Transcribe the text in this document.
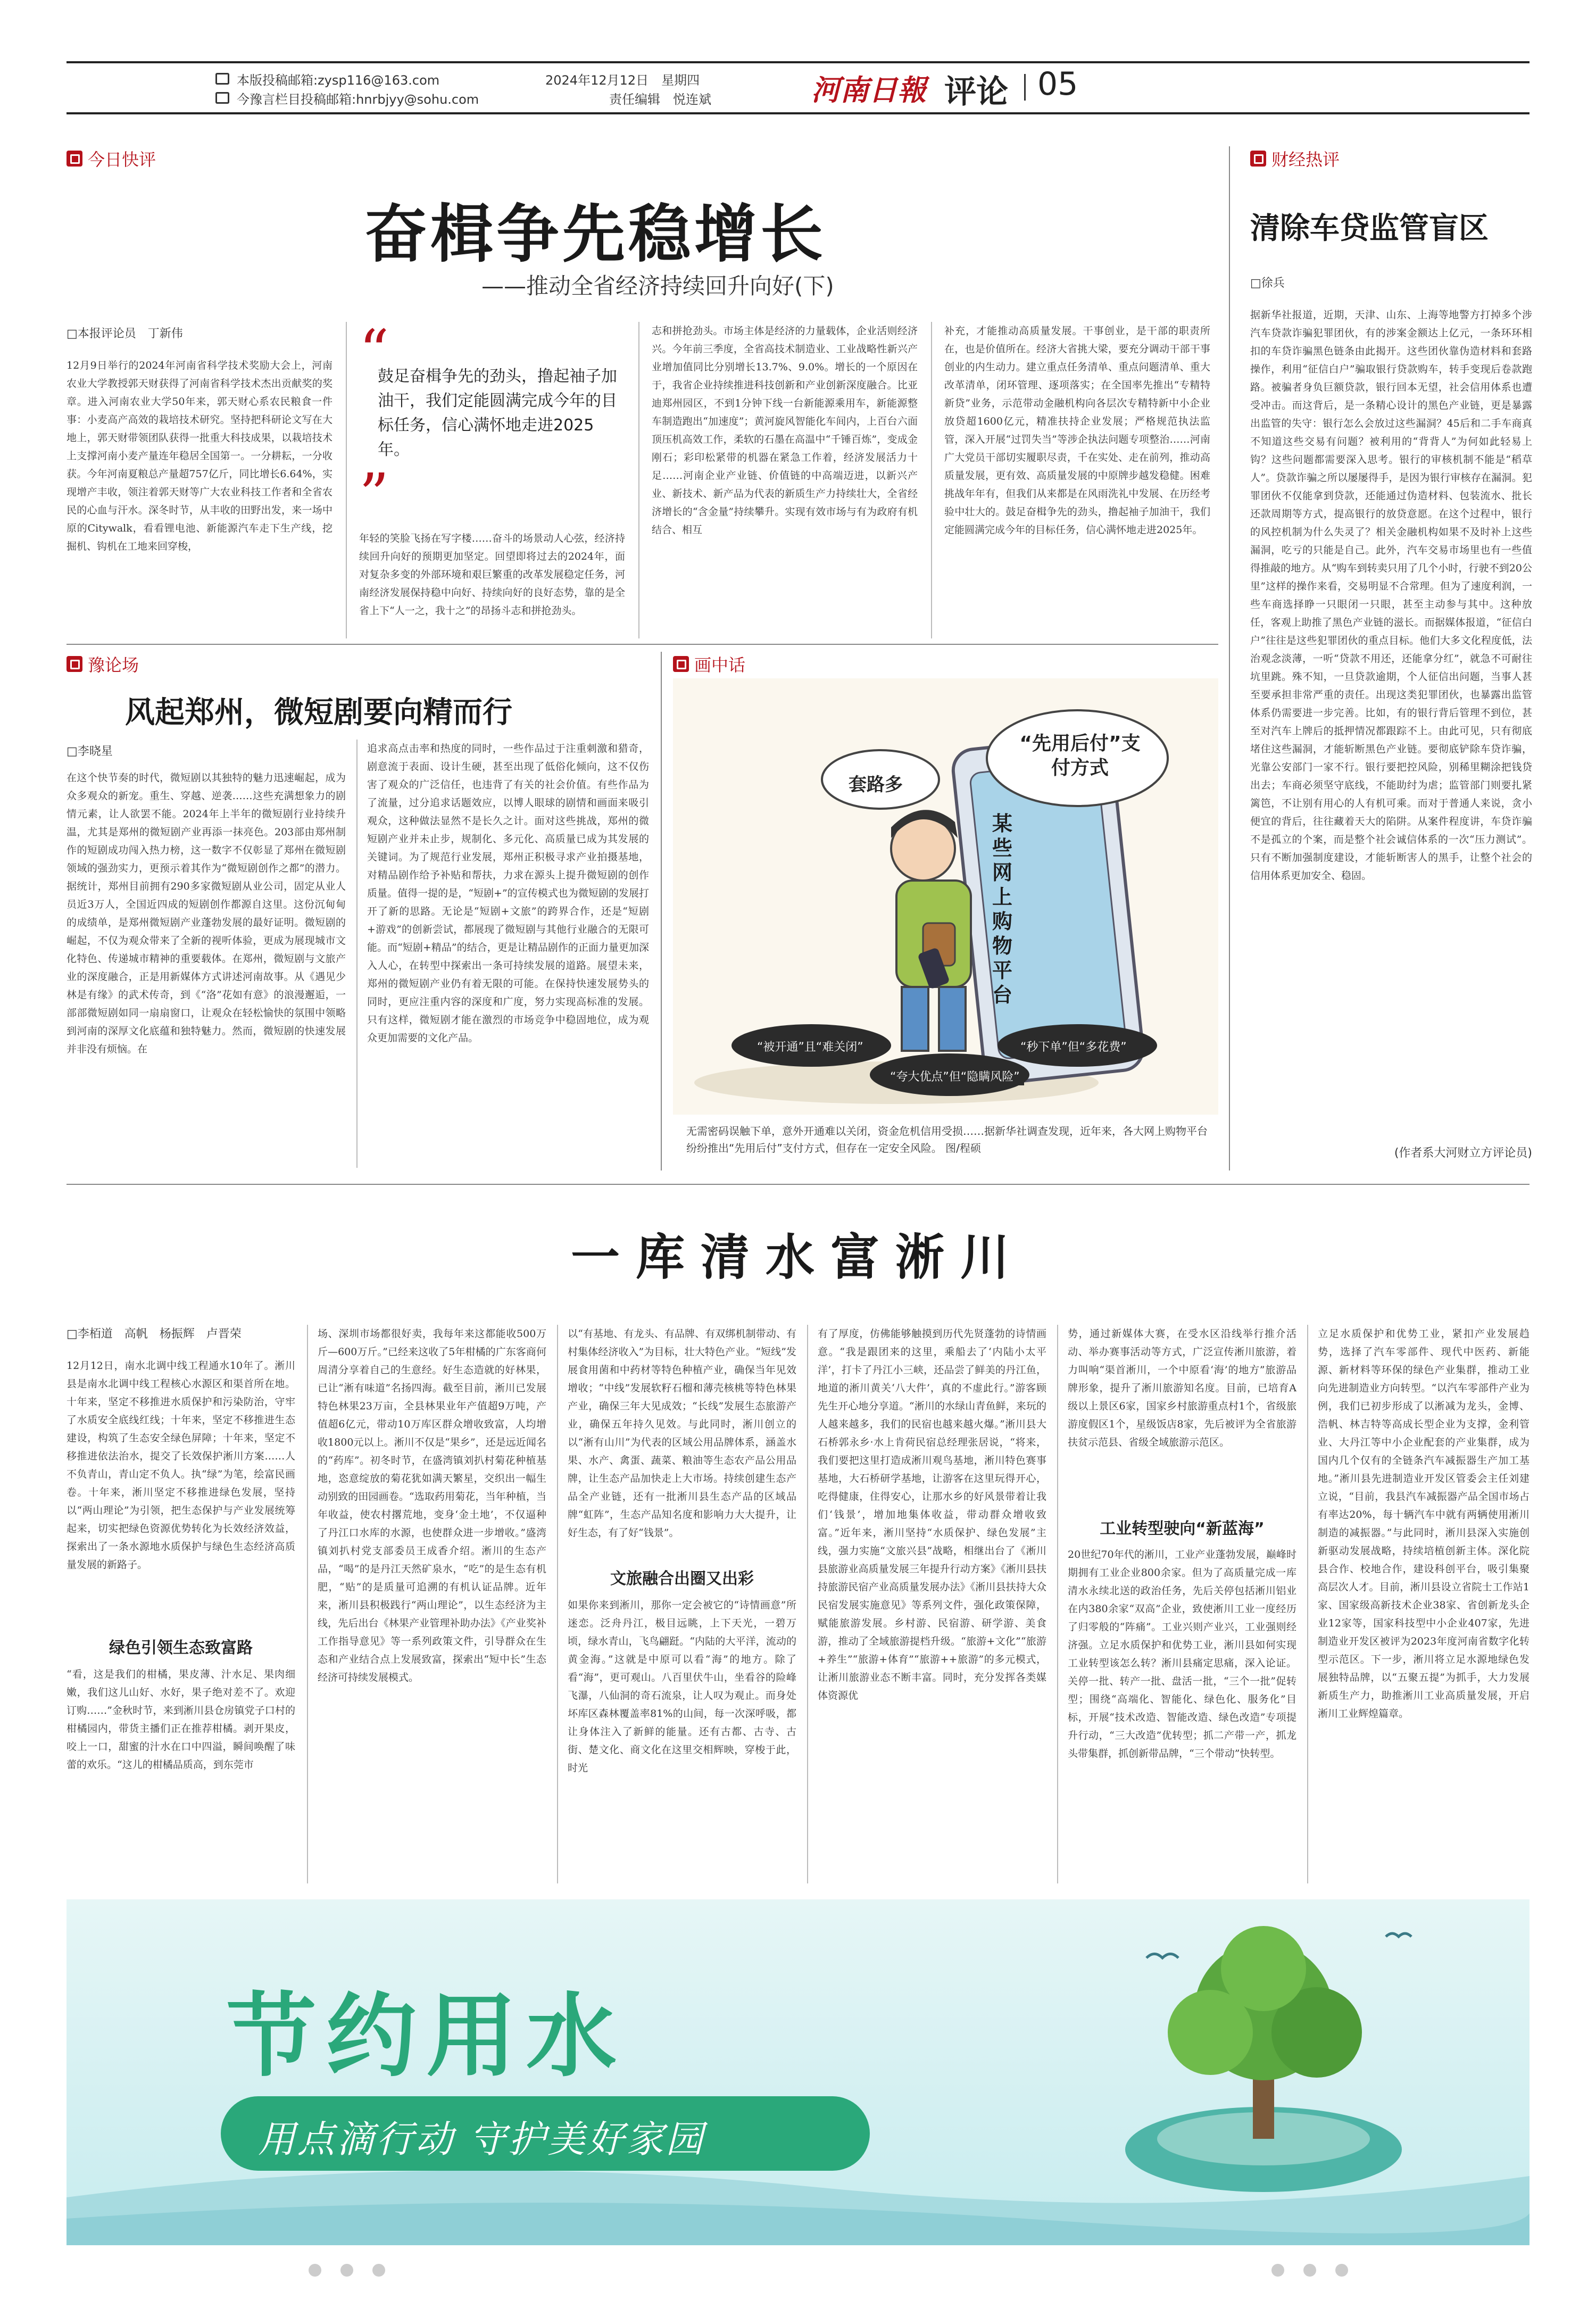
本版投稿邮箱:zysp116@163.com
今豫言栏目投稿邮箱:hnrbjyy@sohu.com
2024年12月12日　星期四
责任编辑　悦连斌	河南日報 评论 05
今日快评
奋楫争先稳增长
——推动全省经济持续回升向好(下)
□本报评论员　丁新伟
12月9日举行的2024年河南省科学技术奖励大会上，河南农业大学教授郭天财获得了河南省科学技术杰出贡献奖的奖章。进入河南农业大学50年来，郭天财心系农民粮食一件事：小麦高产高效的栽培技术研究。坚持把科研论文写在大地上，郭天财带领团队获得一批重大科技成果，以栽培技术上支撑河南小麦产量连年稳居全国第一。一分耕耘，一分收获。今年河南夏粮总产量超757亿斤，同比增长6.64%，实现增产丰收，领注着郭天财等广大农业科技工作者和全省农民的心血与汗水。深冬时节，从丰收的田野出发，来一场中原的Citywalk，看看锂电池、新能源汽车走下生产线，挖掘机、钩机在工地来回穿梭，
“
鼓足奋楫争先的劲头，撸起袖子加油干，我们定能圆满完成今年的目标任务，信心满怀地走进2025年。
”
年轻的笑脸飞扬在写字楼……奋斗的场景动人心弦，经济持续回升向好的预期更加坚定。回望即将过去的2024年，面对复杂多变的外部环境和艰巨繁重的改革发展稳定任务，河南经济发展保持稳中向好、持续向好的良好态势，靠的是全省上下“人一之，我十之”的昂扬斗志和拼抢劲头。
志和拼抢劲头。市场主体是经济的力量载体，企业活则经济兴。今年前三季度，全省高技术制造业、工业战略性新兴产业增加值同比分别增长13.7%、9.0%。增长的一个原因在于，我省企业持续推进科技创新和产业创新深度融合。比亚迪郑州园区，不到1分钟下线一台新能源乘用车，新能源整车制造跑出“加速度”；黄河旋风智能化车间内，上百台六面顶压机高效工作，柔软的石墨在高温中“千锤百炼”，变成金刚石；彩印松紧带的机器在紧急工作着，经济发展活力十足……河南企业产业链、价值链的中高端迈进，以新兴产业、新技术、新产品为代表的新质生产力持续壮大，全省经济增长的“含金量”持续攀升。实现有效市场与有为政府有机结合、相互
补充，才能推动高质量发展。干事创业，是干部的职责所在，也是价值所在。经济大省挑大梁，要充分调动干部干事创业的内生动力。建立重点任务清单、重点问题清单、重大改革清单，闭环管理、逐项落实；在全国率先推出“专精特新贷”业务，示范带动金融机构向各层次专精特新中小企业放贷超1600亿元，精准扶持企业发展；严格规范执法监管，深入开展“过罚失当”等涉企执法问题专项整治……河南广大党员干部切实履职尽责，千在实处、走在前列，推动高质量发展，更有效、高质量发展的中原牌步越发稳健。困难挑战年年有，但我们从来都是在风雨洗礼中发展、在历经考验中壮大的。鼓足奋楫争先的劲头，撸起袖子加油干，我们定能圆满完成今年的目标任务，信心满怀地走进2025年。
财经热评
清除车贷监管盲区
□徐兵
据新华社报道，近期，天津、山东、上海等地警方打掉多个涉汽车贷款诈骗犯罪团伙，有的涉案金额达上亿元，一条环环相扣的车贷诈骗黑色链条由此揭开。这些团伙靠伪造材料和套路操作，利用“征信白户”骗取银行贷款购车，转手变现后卷款跑路。被骗者身负巨额贷款，银行回本无望，社会信用体系也遭受冲击。而这背后，是一条精心设计的黑色产业链，更是暴露出监管的失守：银行怎么会放过这些漏洞？45后和二手车商真不知道这些交易有问题？被利用的“背背人”为何如此轻易上钩？这些问题都需要深入思考。银行的审核机制不能是“稻草人”。贷款诈骗之所以屡屡得手，是因为银行审核存在漏洞。犯罪团伙不仅能拿到贷款，还能通过伪造材料、包装流水、批长还款周期等方式，提高银行的放贷意愿。在这个过程中，银行的风控机制为什么失灵了？相关金融机构如果不及时补上这些漏洞，吃亏的只能是自己。此外，汽车交易市场里也有一些值得推敲的地方。从“购车到转卖只用了几个小时，行驶不到20公里”这样的操作来看，交易明显不合常理。但为了速度利润，一些车商选择睁一只眼闭一只眼，甚至主动参与其中。这种放任，客观上助推了黑色产业链的滋长。而据媒体报道，“征信白户”往往是这些犯罪团伙的重点目标。他们大多文化程度低，法治观念淡薄，一听“贷款不用还，还能拿分红”，就急不可耐往坑里跳。殊不知，一旦贷款逾期，个人征信出问题，当事人甚至要承担非常严重的责任。出现这类犯罪团伙，也暴露出监管体系仍需要进一步完善。比如，有的银行背后管理不到位，甚至对汽车上牌后的抵押情况都跟踪不上。由此可见，只有彻底堵住这些漏洞，才能斩断黑色产业链。要彻底铲除车贷诈骗，光靠公安部门一家不行。银行要把控风险，别稀里糊涂把钱贷出去；车商必须坚守底线，不能助纣为虐；监管部门则要扎紧篱笆，不让别有用心的人有机可乘。而对于普通人来说，贪小便宜的背后，往往藏着天大的陷阱。从案件程度讲，车贷诈骗不是孤立的个案，而是整个社会诚信体系的一次“压力测试”。只有不断加强制度建设，才能斩断害人的黑手，让整个社会的信用体系更加安全、稳固。
(作者系大河财立方评论员)
豫论场
风起郑州，微短剧要向精而行
□李晓星
在这个快节奏的时代，微短剧以其独特的魅力迅速崛起，成为众多观众的新宠。重生、穿越、逆袭……这些充满想象力的剧情元素，让人欲罢不能。2024年上半年的微短剧行业持续升温，尤其是郑州的微短剧产业再添一抹亮色。203部由郑州制作的短剧成功闯入热力榜，这一数字不仅彰显了郑州在微短剧领域的强劲实力，更预示着其作为“微短剧创作之都”的潜力。据统计，郑州目前拥有290多家微短剧从业公司，固定从业人员近3万人，全国近四成的短剧创作都源自这里。这份沉甸甸的成绩单，是郑州微短剧产业蓬勃发展的最好证明。微短剧的崛起，不仅为观众带来了全新的视听体验，更成为展现城市文化特色、传递城市精神的重要载体。在郑州，微短剧与文旅产业的深度融合，正是用新媒体方式讲述河南故事。从《遇见少林是有缘》的武术传奇，到《“洛”花如有意》的浪漫邂逅，一部部微短剧如同一扇扇窗口，让观众在轻松愉快的氛围中领略到河南的深厚文化底蕴和独特魅力。然而，微短剧的快速发展并非没有烦恼。在
追求高点击率和热度的同时，一些作品过于注重刺激和猎奇，剧意流于表面、设计生硬，甚至出现了低俗化倾向，这不仅伤害了观众的广泛信任，也违背了有关的社会价值。有些作品为了流量，过分追求话题效应，以博人眼球的剧情和画面来吸引观众，这种做法显然不是长久之计。面对这些挑战，郑州的微短剧产业并未止步，规制化、多元化、高质量已成为其发展的关键词。为了规范行业发展，郑州正积极寻求产业拍摄基地，对精品剧作给予补贴和帮扶，力求在源头上提升微短剧的创作质量。值得一提的是，“短剧+”的宣传模式也为微短剧的发展打开了新的思路。无论是“短剧+文旅”的跨界合作，还是“短剧+游戏”的创新尝试，都展现了微短剧与其他行业融合的无限可能。而“短剧+精品”的结合，更是让精品剧作的正面力量更加深入人心，在转型中探索出一条可持续发展的道路。展望未来，郑州的微短剧产业仍有着无限的可能。在保持快速发展势头的同时，更应注重内容的深度和广度，努力实现高标准的发展。只有这样，微短剧才能在激烈的市场竞争中稳固地位，成为观众更加需要的文化产品。
画中话
套路多
“先用后付”支付方式
某些网上购物平台
“被开通”且“难关闭”	“秒下单”但“多花费”
“夸大优点”但“隐瞒风险”
无需密码误触下单，意外开通难以关闭，资金危机信用受损……据新华社调查发现，近年来，各大网上购物平台纷纷推出“先用后付”支付方式，但存在一定安全风险。 图/程硕
一库清水富淅川
□李栢道　高帆　杨振辉　卢晋荣
12月12日，南水北调中线工程通水10年了。淅川县是南水北调中线工程核心水源区和渠首所在地。十年来，坚定不移推进水质保护和污染防治，守牢了水质安全底线红线；十年来，坚定不移推进生态建设，构筑了生态安全绿色屏障；十年来，坚定不移推进依法治水，提交了长效保护淅川方案……人不负青山，青山定不负人。执“绿”为笔，绘富民画卷。十年来，淅川坚定不移推进绿色发展，坚持以“两山理论”为引领，把生态保护与产业发展统筹起来，切实把绿色资源优势转化为长效经济效益，探索出了一条水源地水质保护与绿色生态经济高质量发展的新路子。
绿色引领生态致富路
“看，这是我们的柑橘，果皮薄、汁水足、果肉细嫩，我们这儿山好、水好，果子绝对差不了。欢迎订购……”金秋时节，来到淅川县仓房镇党子口村的柑橘园内，带货主播们正在推荐柑橘。剥开果皮，咬上一口，甜蜜的汁水在口中四溢，瞬间唤醒了味蕾的欢乐。“这儿的柑橘品质高，到东莞市
场、深圳市场都很好卖，我每年来这都能收500万斤—600万斤。”已经来这收了5年柑橘的广东客商何周清分享着自己的生意经。好生态造就的好林果，已让“淅有味道”名扬四海。截至目前，淅川已发展特色林果23万亩，全县林果业年产值超9万吨，产值超6亿元，带动10万库区群众增收致富，人均增收1800元以上。淅川不仅是“果乡”，还是远近闻名的“药库”。初冬时节，在盛湾镇刘扒村菊花种植基地，恣意绽放的菊花犹如满天繁星，交织出一幅生动别致的田园画卷。“选取药用菊花，当年种植，当年收益，使农村撂荒地，变身‘金土地’，不仅逼种了丹江口水库的水源，也使群众进一步增收。”盛湾镇刘扒村党支部委员王成香介绍。淅川的生态产品，“喝”的是丹江天然矿泉水，“吃”的是生态有机肥，“贴”的是质量可追溯的有机认证品牌。近年来，淅川县积极践行“两山理论”，以生态经济为主线，先后出台《林果产业管理补助办法》《产业奖补工作指导意见》等一系列政策文件，引导群众在生态和产业结合点上发展致富，探索出“短中长”生态经济可持续发展模式。
以“有基地、有龙头、有品牌、有双绑机制带动、有村集体经济收入”为目标，壮大特色产业。“短线”发展食用菌和中药材等特色种植产业，确保当年见效增收；“中线”发展软籽石榴和薄壳核桃等特色林果产业，确保三年大见成效；“长线”发展生态旅游产业，确保五年持久见效。与此同时，淅川创立的以“淅有山川”为代表的区域公用品牌体系，涵盖水果、水产、禽蛋、蔬菜、粮油等生态农产品公用品牌，让生态产品加快走上大市场。持续创建生态产品全产业链，还有一批淅川县生态产品的区域品牌“虹阵”，生态产品知名度和影响力大大提升，让好生态，有了好“钱景”。
文旅融合出圈又出彩
如果你来到淅川，那你一定会被它的“诗情画意”所迷恋。泛舟丹江，极目远眺，上下天光，一碧万顷，绿水青山，飞鸟翩跹。“内陆的大平洋，流动的黄金海。”这就是中原可以看“海”的地方。除了看“海”，更可观山。八百里伏牛山，坐看谷的险峰飞瀑，八仙洞的奇石流泉，让人叹为观止。而身处坏库区森林覆盖率81%的山间，每一次深呼吸，都让身体注入了新鲜的能量。还有古都、古寺、古街、楚文化、商文化在这里交相辉映，穿梭于此，时光
有了厚度，仿佛能够触摸到历代先贤蓬勃的诗情画意。“我是跟团来的这里，乘船去了‘内陆小太平洋’，打卡了丹江小三峡，还品尝了鲜美的丹江鱼，地道的淅川黄关‘八大件’，真的不虚此行。”游客顾先生开心地分享道。“淅川的水绿山青鱼鲜，来玩的人越来越多，我们的民宿也越来越火爆。”淅川县大石桥郭永乡·水上肯荷民宿总经理张居说，“将来，我们要把这里打造成淅川观鸟基地，淅川特色赛事基地，大石桥研学基地，让游客在这里玩得开心，吃得健康，住得安心，让那水乡的好风景带着让我们‘钱景’，增加地集体收益，带动群众增收致富。”近年来，淅川坚持“水质保护、绿色发展”主线，强力实施“文旅兴县”战略，相继出台了《淅川县旅游业高质量发展三年提升行动方案》《淅川县扶持旅游民宿产业高质量发展办法》《淅川县扶持大众民宿发展实施意见》等系列文件，强化政策保障，赋能旅游发展。乡村游、民宿游、研学游、美食游，推动了全域旅游提档升级。“旅游+文化”“旅游+养生”“旅游+体育”“旅游++旅游”的多元模式，让淅川旅游业态不断丰富。同时，充分发挥各类媒体资源优
势，通过新媒体大赛，在受水区沿线举行推介活动、举办赛事活动等方式，广泛宣传淅川旅游，着力叫响“渠首淅川，一个中原看‘海’的地方”旅游品牌形象，提升了淅川旅游知名度。目前，已培育A级以上景区6家，国家乡村旅游重点村1个，省级旅游度假区1个，星级饭店8家，先后被评为全省旅游扶贫示范县、省级全域旅游示范区。
工业转型驶向“新蓝海”
20世纪70年代的淅川，工业产业蓬勃发展，巅峰时期拥有工业企业800余家。但为了高质量完成一库清水永续北送的政治任务，先后关停包括淅川铝业在内380余家“双高”企业，致使淅川工业一度经历了归零般的“阵痛”。工业兴则产业兴，工业强则经济强。立足水质保护和优势工业，淅川县如何实现工业转型该怎么转？淅川县痛定思痛，深入论证。关停一批、转产一批、盘活一批，“三个一批”促转型；围绕“高端化、智能化、绿色化、服务化”目标，开展“技术改造、智能改造、绿色改造”专项提升行动，“三大改造”优转型；抓二产带一产，抓龙头带集群，抓创新带品牌，“三个带动”快转型。
立足水质保护和优势工业，紧扣产业发展趋势，选择了汽车零部件、现代中医药、新能源、新材料等环保的绿色产业集群，推动工业向先进制造业方向转型。“以汽车零部件产业为例，我们已初步形成了以淅减为龙头，金博、浩帆、林吉特等高成长型企业为支撑，金利管业、大丹江等中小企业配套的产业集群，成为国内几个仅有的全链条汽车减振器生产加工基地。”淅川县先进制造业开发区管委会主任刘建立说，“目前，我县汽车减振器产品全国市场占有率达20%，每十辆汽车中就有两辆使用淅川制造的减振器。”与此同时，淅川县深入实施创新驱动发展战略，持续培植创新主体。深化院县合作、校地合作，建设科创平台，吸引集聚高层次人才。目前，淅川县设立省院士工作站1家、国家级高新技术企业38家、省创新龙头企业12家等，国家科技型中小企业407家，先进制造业开发区被评为2023年度河南省数字化转型示范区。下一步，淅川将立足水源地绿色发展独特品牌，以“五聚五提”为抓手，大力发展新质生产力，助推淅川工业高质量发展，开启淅川工业辉煌篇章。
节约用水
用点滴行动 守护美好家园
